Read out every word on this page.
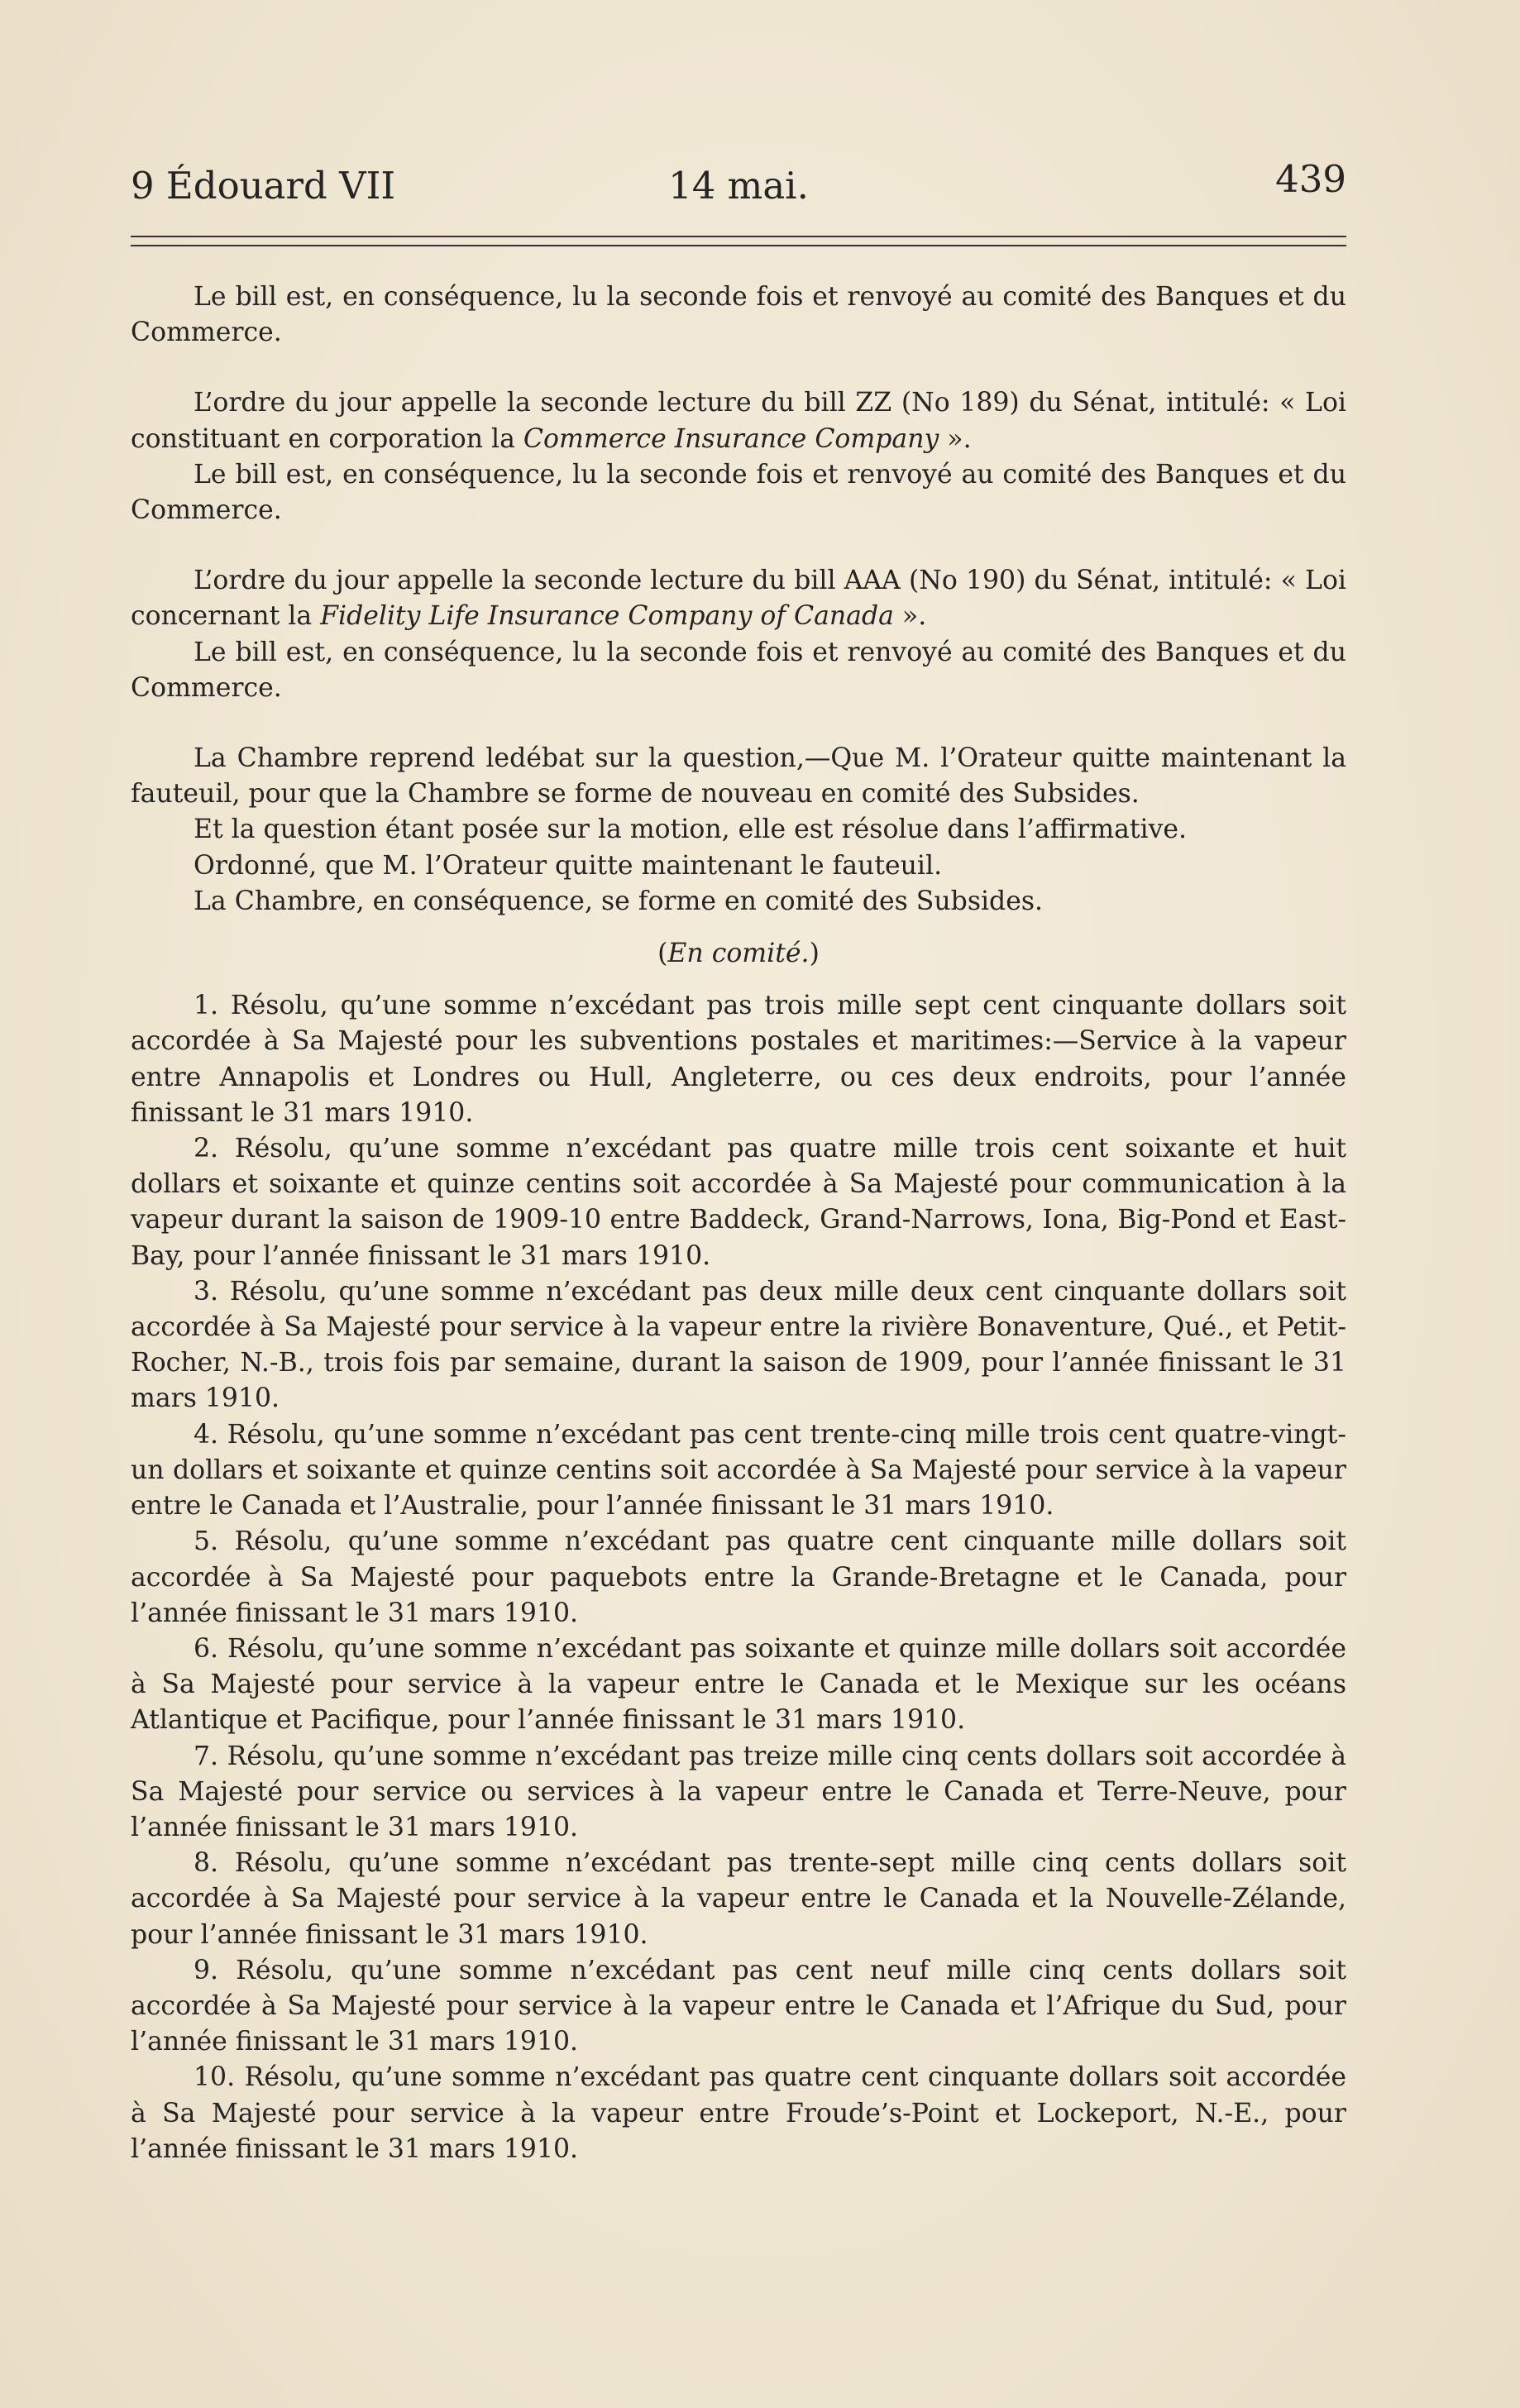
9 Édouard VII	14 mai.	439

Le bill est, en conséquence, lu la seconde fois et renvoyé au comité des Banques et du Commerce.

L’ordre du jour appelle la seconde lecture du bill ZZ (No 189) du Sénat, intitulé: « Loi constituant en corporation la Commerce Insurance Company ».

Le bill est, en conséquence, lu la seconde fois et renvoyé au comité des Banques et du Commerce.

L’ordre du jour appelle la seconde lecture du bill AAA (No 190) du Sénat, intitulé: « Loi concernant la Fidelity Life Insurance Company of Canada ».

Le bill est, en conséquence, lu la seconde fois et renvoyé au comité des Banques et du Commerce.

La Chambre reprend ledébat sur la question,—Que M. l’Orateur quitte maintenant la fauteuil, pour que la Chambre se forme de nouveau en comité des Subsides.

Et la question étant posée sur la motion, elle est résolue dans l’affirmative.

Ordonné, que M. l’Orateur quitte maintenant le fauteuil.

La Chambre, en conséquence, se forme en comité des Subsides.

(En comité.)

1. Résolu, qu’une somme n’excédant pas trois mille sept cent cinquante dollars soit accordée à Sa Majesté pour les subventions postales et maritimes:—Service à la vapeur entre Annapolis et Londres ou Hull, Angleterre, ou ces deux endroits, pour l’année finissant le 31 mars 1910.

2. Résolu, qu’une somme n’excédant pas quatre mille trois cent soixante et huit dollars et soixante et quinze centins soit accordée à Sa Majesté pour communication à la vapeur durant la saison de 1909-10 entre Baddeck, Grand-Narrows, Iona, Big-Pond et East-Bay, pour l’année finissant le 31 mars 1910.

3. Résolu, qu’une somme n’excédant pas deux mille deux cent cinquante dollars soit accordée à Sa Majesté pour service à la vapeur entre la rivière Bonaventure, Qué., et Petit-Rocher, N.-B., trois fois par semaine, durant la saison de 1909, pour l’année finissant le 31 mars 1910.

4. Résolu, qu’une somme n’excédant pas cent trente-cinq mille trois cent quatre-vingt-un dollars et soixante et quinze centins soit accordée à Sa Majesté pour service à la vapeur entre le Canada et l’Australie, pour l’année finissant le 31 mars 1910.

5. Résolu, qu’une somme n’excédant pas quatre cent cinquante mille dollars soit accordée à Sa Majesté pour paquebots entre la Grande-Bretagne et le Canada, pour l’année finissant le 31 mars 1910.

6. Résolu, qu’une somme n’excédant pas soixante et quinze mille dollars soit accordée à Sa Majesté pour service à la vapeur entre le Canada et le Mexique sur les océans Atlantique et Pacifique, pour l’année finissant le 31 mars 1910.

7. Résolu, qu’une somme n’excédant pas treize mille cinq cents dollars soit accordée à Sa Majesté pour service ou services à la vapeur entre le Canada et Terre-Neuve, pour l’année finissant le 31 mars 1910.

8. Résolu, qu’une somme n’excédant pas trente-sept mille cinq cents dollars soit accordée à Sa Majesté pour service à la vapeur entre le Canada et la Nouvelle-Zélande, pour l’année finissant le 31 mars 1910.

9. Résolu, qu’une somme n’excédant pas cent neuf mille cinq cents dollars soit accordée à Sa Majesté pour service à la vapeur entre le Canada et l’Afrique du Sud, pour l’année finissant le 31 mars 1910.

10. Résolu, qu’une somme n’excédant pas quatre cent cinquante dollars soit accordée à Sa Majesté pour service à la vapeur entre Froude’s-Point et Lockeport, N.-E., pour l’année finissant le 31 mars 1910.
